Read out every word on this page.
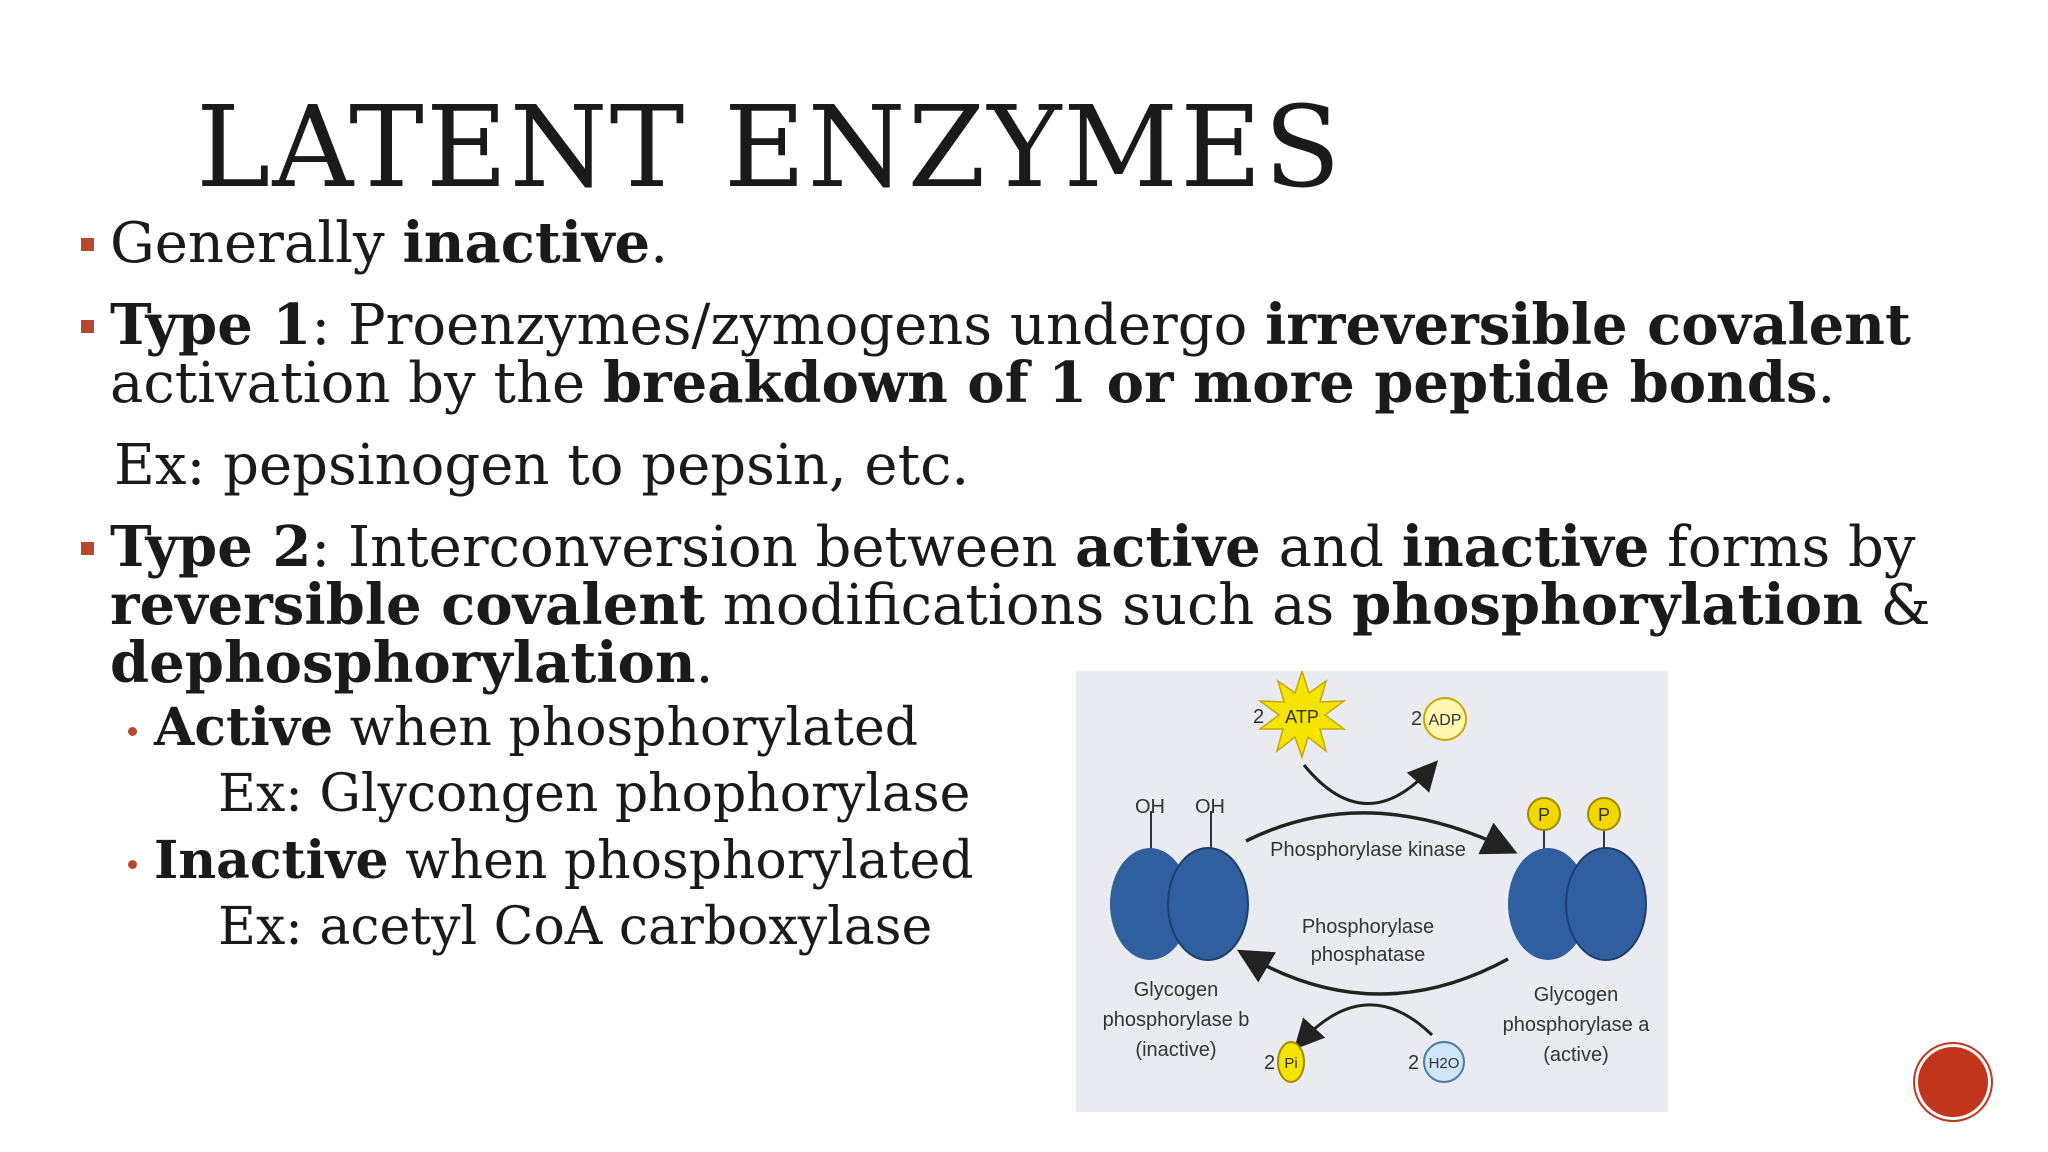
LATENT ENZYMES
Generally inactive.
Type 1: Proenzymes/zymogens undergo irreversible covalent
activation by the breakdown of 1 or more peptide bonds.
Ex: pepsinogen to pepsin, etc.
Type 2: Interconversion between active and inactive forms by
reversible covalent modifications such as phosphorylation &
dephosphorylation.
Active when phosphorylated
Ex: Glycongen phophorylase
Inactive when phosphorylated
Ex: acetyl CoA carboxylase
2 ATP	2 ADP
Phosphorylase kinase
Phosphorylase
phosphatase
OH OH
Glycogen
phosphorylase b
(inactive)
P	P
Glycogen
phosphorylase a
(active)
2 Pi	2 H2O
